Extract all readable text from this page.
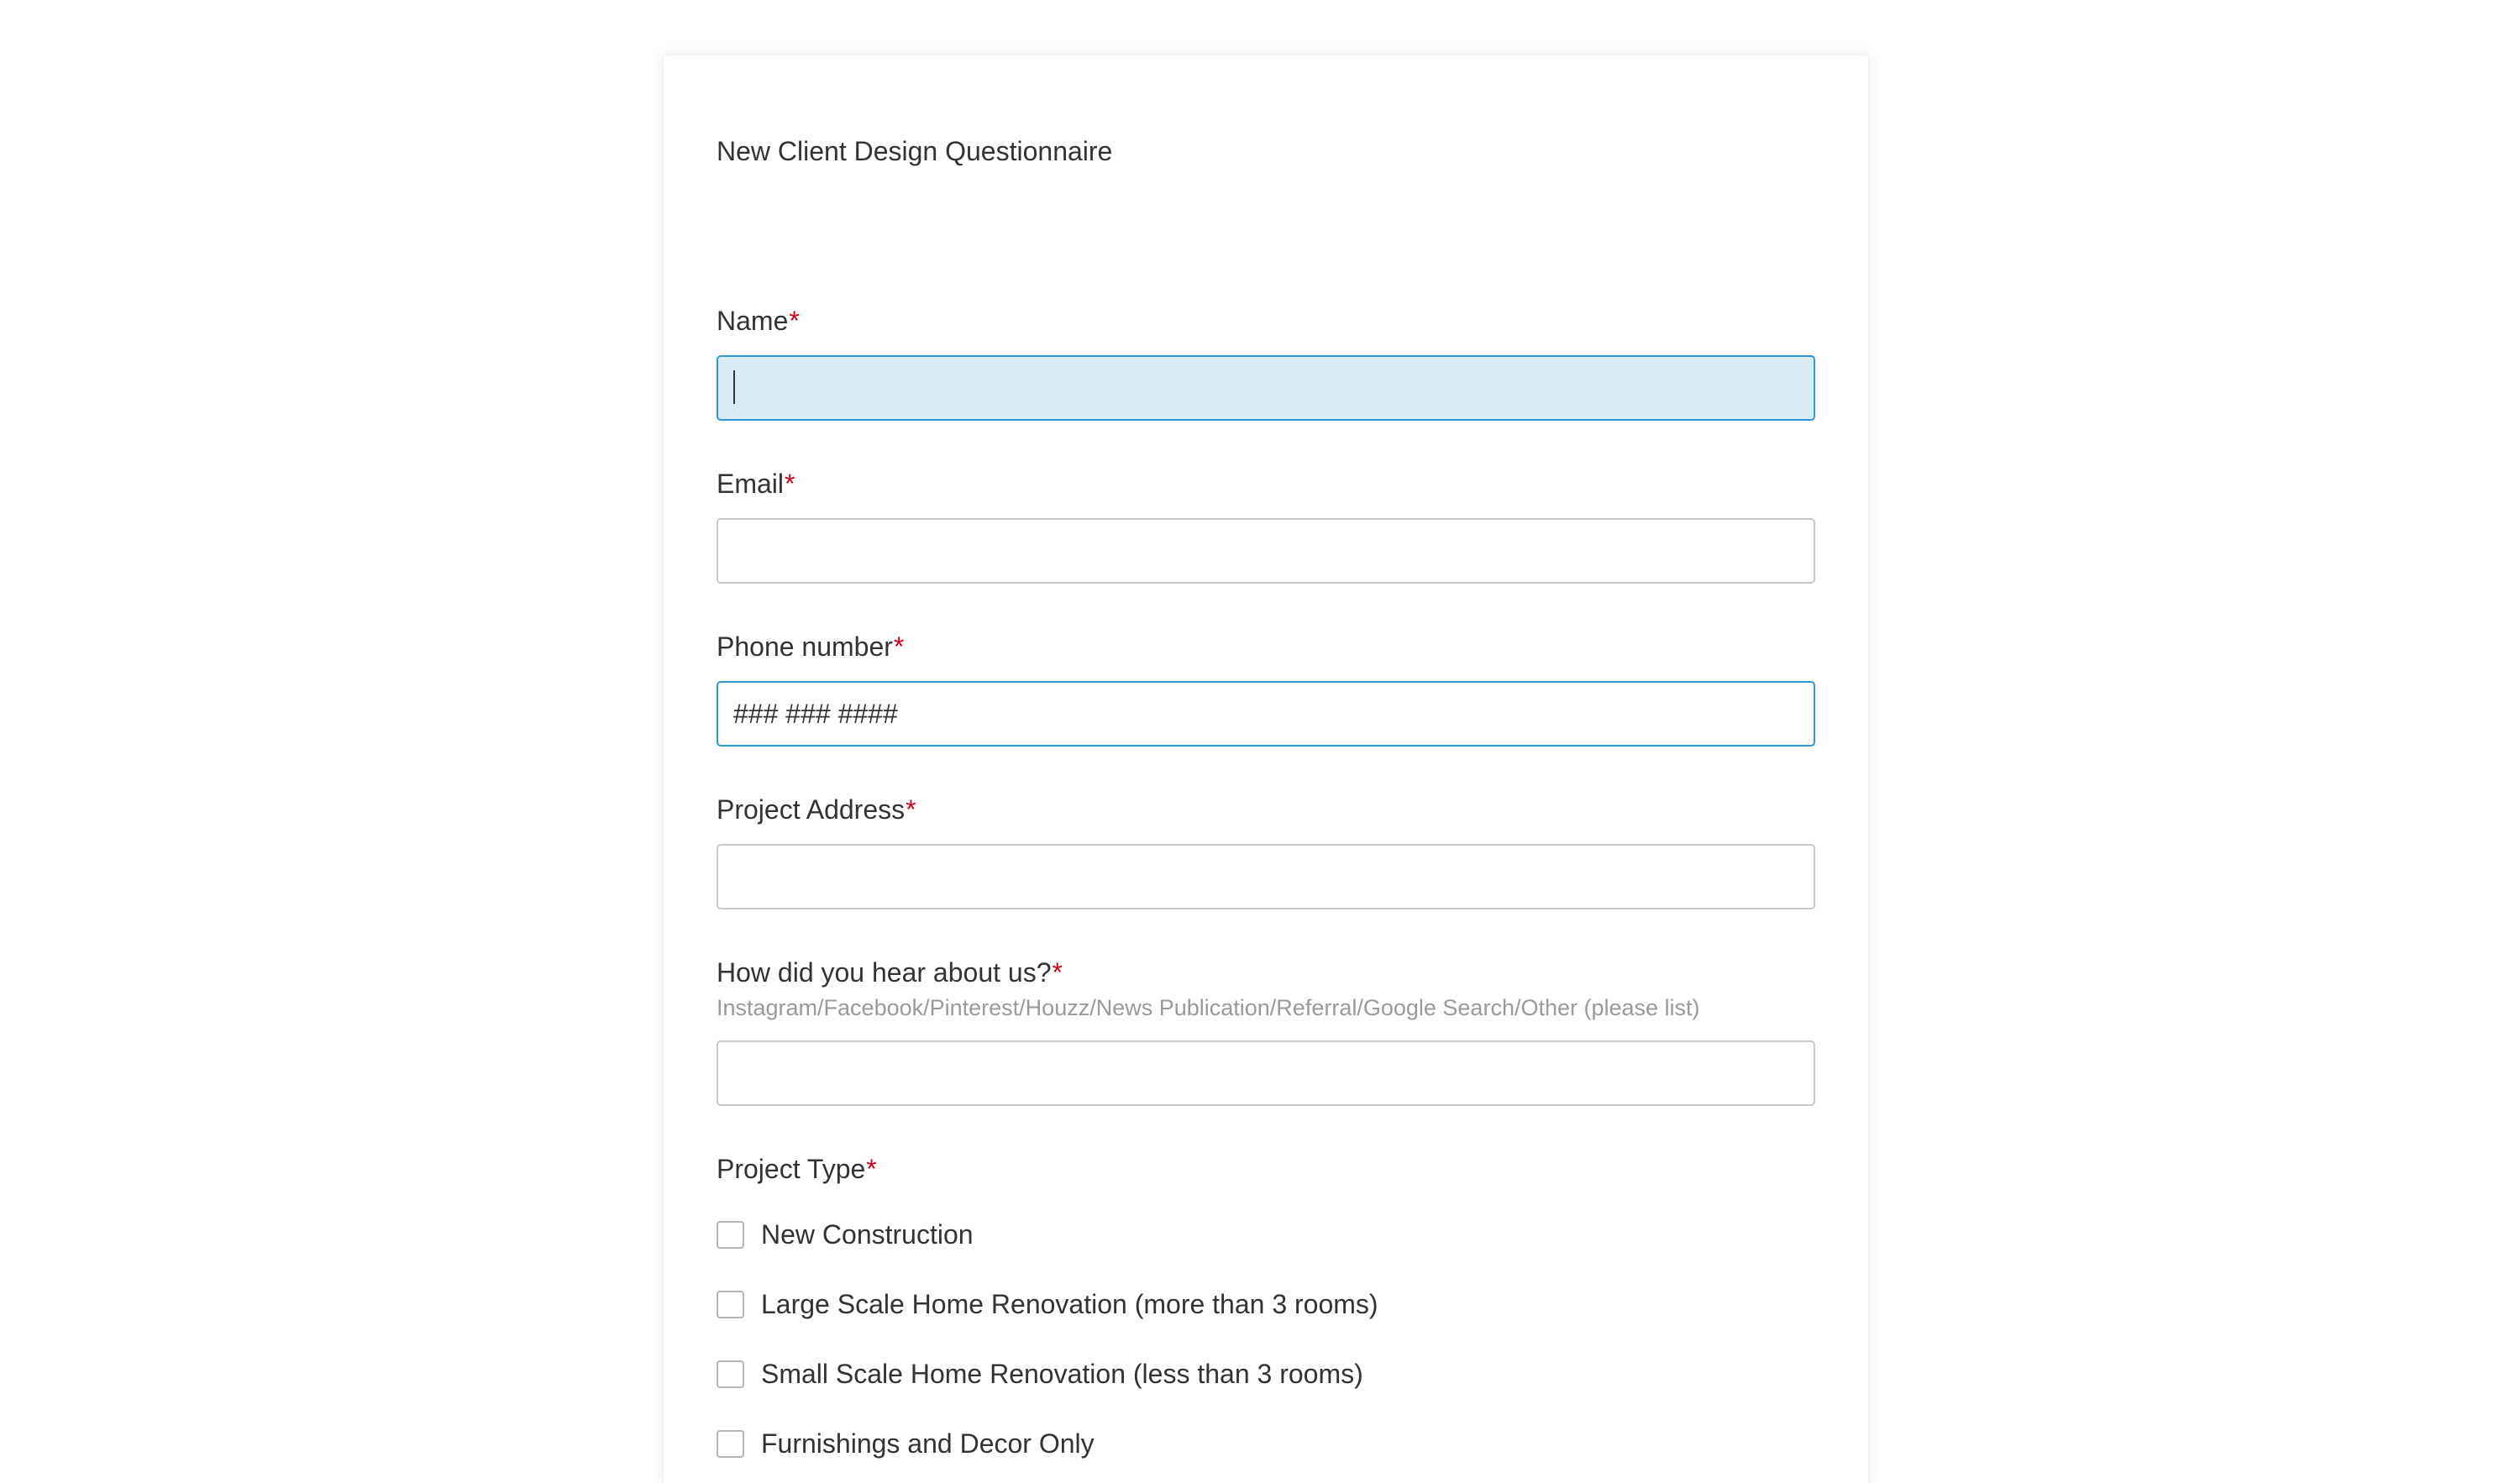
New Client Design Questionnaire
Name*
Email*
Phone number*
### ### ####
Project Address*
How did you hear about us?*
Instagram/Facebook/Pinterest/Houzz/News Publication/Referral/Google Search/Other (please list)
Project Type*
New Construction
Large Scale Home Renovation (more than 3 rooms)
Small Scale Home Renovation (less than 3 rooms)
Furnishings and Decor Only
